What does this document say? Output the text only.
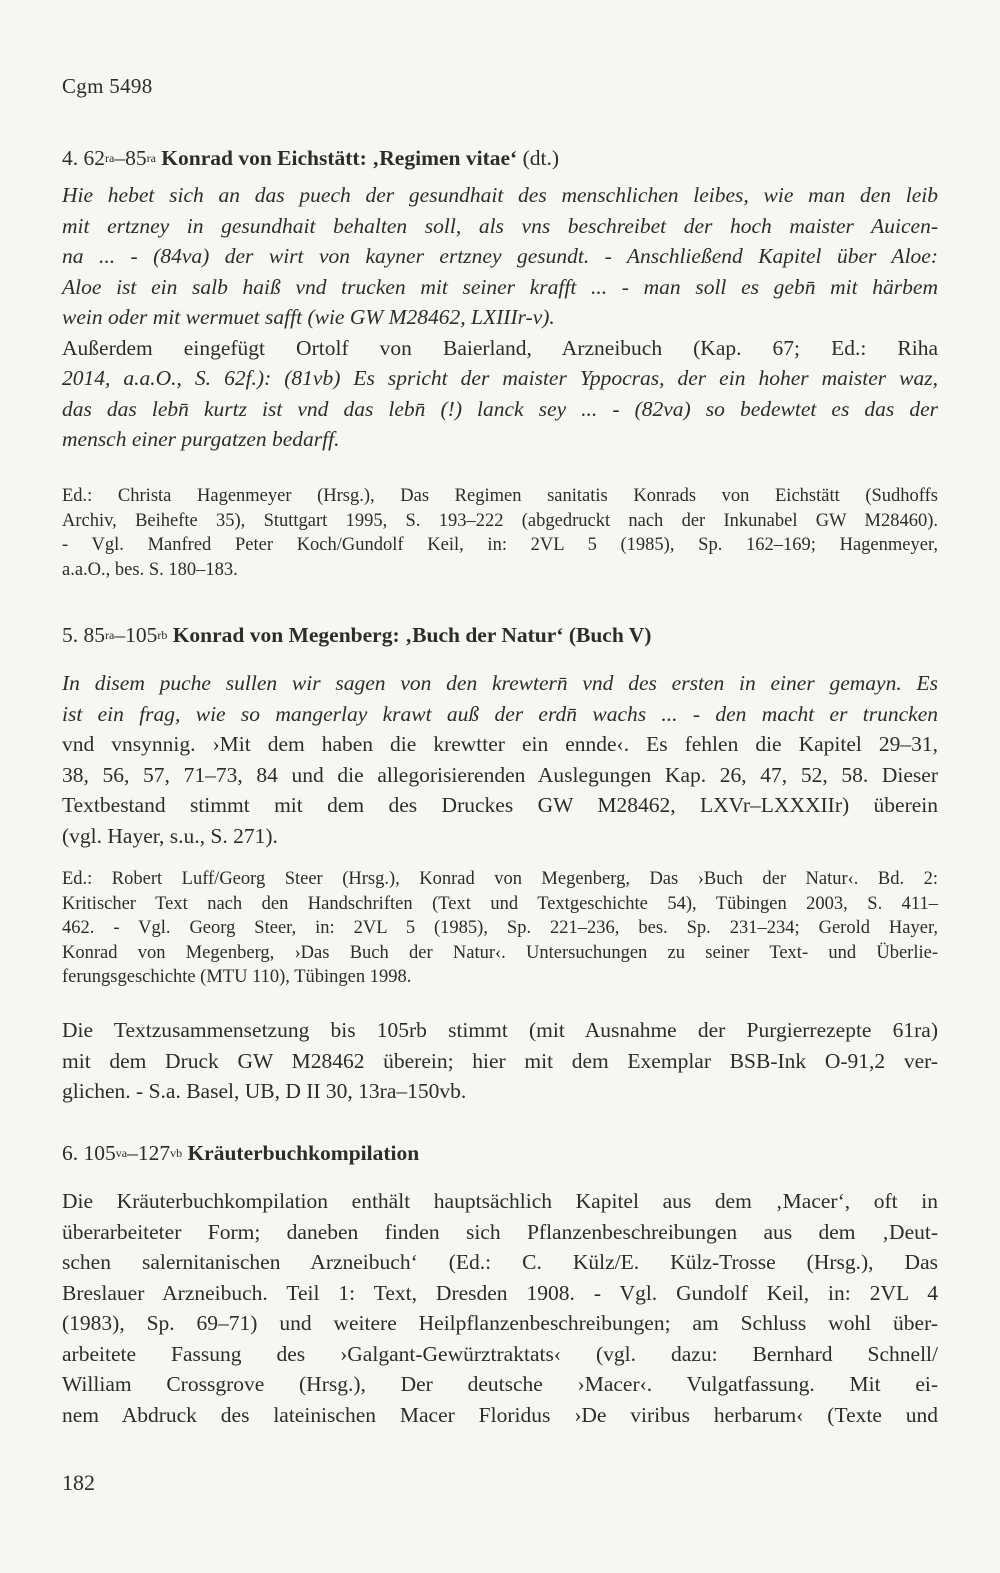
Cgm 5498
4. $62^{ra}-85^{ra}$ Konrad von Eichstätt: ‚Regimen vitae‘ (dt.)
Hie hebet sich an das puech der gesundhait des menschlichen leibes, wie man den leib
mit ertzney in gesundhait behalten soll, als vns beschreibet der hoch maister Auicen-
na ... - (84va) der wirt von kayner ertzney gesundt. - Anschließend Kapitel über Aloe:
Aloe ist ein salb haiß vnd trucken mit seiner krafft ... - man soll es gebn̄ mit härbem
wein oder mit wermuet safft (wie GW M28462, LXIIIr-v).
Außerdem eingefügt Ortolf von Baierland, Arzneibuch (Kap. 67; Ed.: Riha
2014, a.a.O., S. 62f.): (81vb) Es spricht der maister Yppocras, der ein hoher maister waz,
das das lebn̄ kurtz ist vnd das lebn̄ (!) lanck sey ... - (82va) so bedewtet es das der
mensch einer purgatzen bedarff.
Ed.: Christa Hagenmeyer (Hrsg.), Das Regimen sanitatis Konrads von Eichstätt (Sudhoffs
Archiv, Beihefte 35), Stuttgart 1995, S. 193–222 (abgedruckt nach der Inkunabel GW M28460).
- Vgl. Manfred Peter Koch/Gundolf Keil, in: 2VL 5 (1985), Sp. 162–169; Hagenmeyer,
a.a.O., bes. S. 180–183.
5. $85^{ra}-105^{rb}$ Konrad von Megenberg: ‚Buch der Natur‘ (Buch V)
In disem puche sullen wir sagen von den krewtern̄ vnd des ersten in einer gemayn. Es
ist ein frag, wie so mangerlay krawt auß der erdn̄ wachs ... - den macht er truncken
vnd vnsynnig. ›Mit dem haben die krewtter ein ennde‹. Es fehlen die Kapitel 29–31,
38, 56, 57, 71–73, 84 und die allegorisierenden Auslegungen Kap. 26, 47, 52, 58. Dieser
Textbestand stimmt mit dem des Druckes GW M28462, LXVr–LXXXIIr) überein
(vgl. Hayer, s.u., S. 271).
Ed.: Robert Luff/Georg Steer (Hrsg.), Konrad von Megenberg, Das ›Buch der Natur‹. Bd. 2:
Kritischer Text nach den Handschriften (Text und Textgeschichte 54), Tübingen 2003, S. 411–
462. - Vgl. Georg Steer, in: 2VL 5 (1985), Sp. 221–236, bes. Sp. 231–234; Gerold Hayer,
Konrad von Megenberg, ›Das Buch der Natur‹. Untersuchungen zu seiner Text- und Überlie-
ferungsgeschichte (MTU 110), Tübingen 1998.
Die Textzusammensetzung bis 105rb stimmt (mit Ausnahme der Purgierrezepte 61ra)
mit dem Druck GW M28462 überein; hier mit dem Exemplar BSB-Ink O-91,2 ver-
glichen. - S.a. Basel, UB, D II 30, 13ra–150vb.
6. $105^{va}-127^{vb}$ Kräuterbuchkompilation
Die Kräuterbuchkompilation enthält hauptsächlich Kapitel aus dem ‚Macer‘, oft in
überarbeiteter Form; daneben finden sich Pflanzenbeschreibungen aus dem ‚Deut-
schen salernitanischen Arzneibuch‘ (Ed.: C. Külz/E. Külz-Trosse (Hrsg.), Das
Breslauer Arzneibuch. Teil 1: Text, Dresden 1908. - Vgl. Gundolf Keil, in: 2VL 4
(1983), Sp. 69–71) und weitere Heilpflanzenbeschreibungen; am Schluss wohl über-
arbeitete Fassung des ›Galgant-Gewürztraktats‹ (vgl. dazu: Bernhard Schnell/
William Crossgrove (Hrsg.), Der deutsche ›Macer‹. Vulgatfassung. Mit ei-
nem Abdruck des lateinischen Macer Floridus ›De viribus herbarum‹ (Texte und
182
